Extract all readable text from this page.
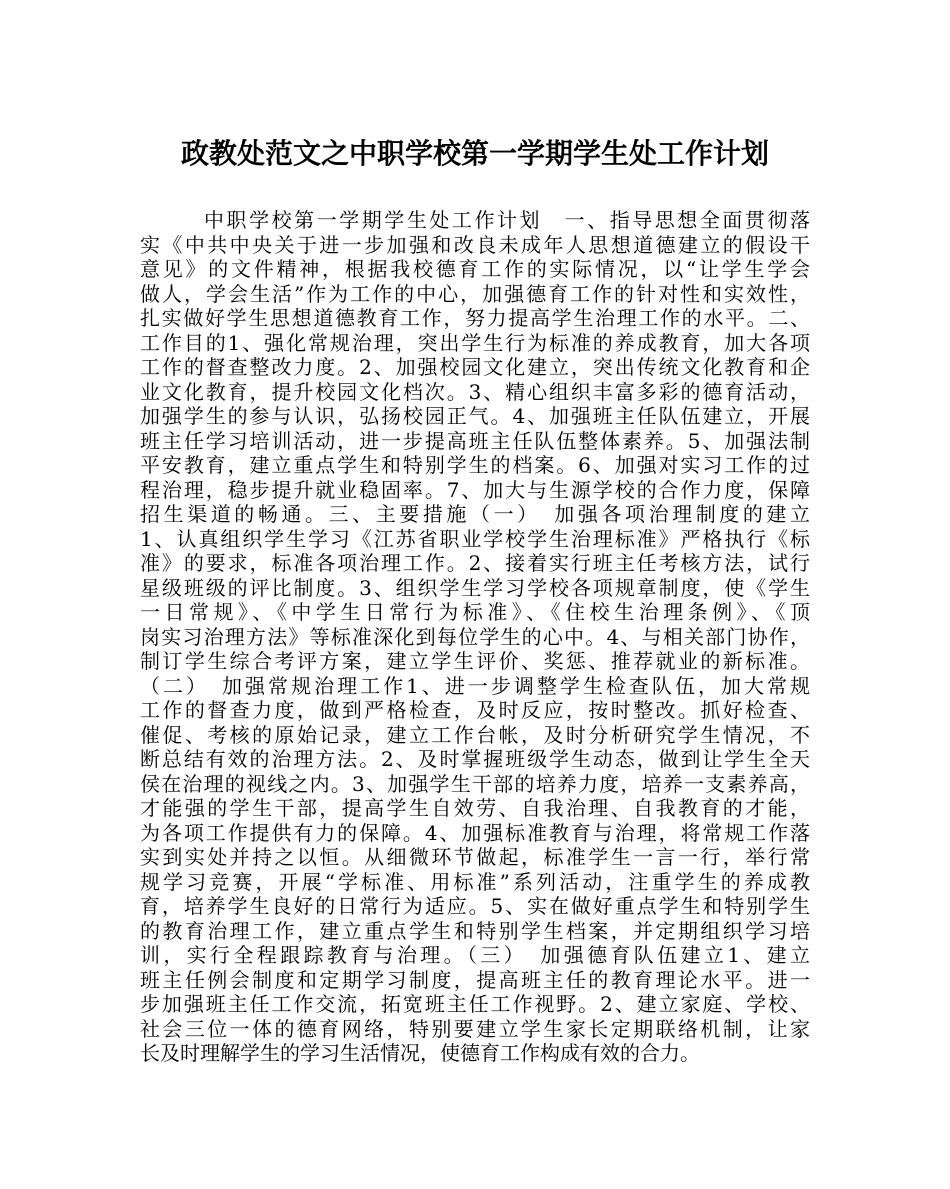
政教处范文之中职学校第一学期学生处工作计划
中职学校第一学期学生处工作计划　一、指导思想全面贯彻落
实《中共中央关于进一步加强和改良未成年人思想道德建立的假设干
意见》的文件精神，根据我校德育工作的实际情况，以“让学生学会
做人，学会生活”作为工作的中心，加强德育工作的针对性和实效性，
扎实做好学生思想道德教育工作，努力提高学生治理工作的水平。二、
工作目的1、强化常规治理，突出学生行为标准的养成教育，加大各项
工作的督查整改力度。2、加强校园文化建立，突出传统文化教育和企
业文化教育，提升校园文化档次。3、精心组织丰富多彩的德育活动，
加强学生的参与认识，弘扬校园正气。4、加强班主任队伍建立，开展
班主任学习培训活动，进一步提高班主任队伍整体素养。5、加强法制
平安教育，建立重点学生和特别学生的档案。6、加强对实习工作的过
程治理，稳步提升就业稳固率。7、加大与生源学校的合作力度，保障
招生渠道的畅通。三、主要措施（一）　加强各项治理制度的建立
1、认真组织学生学习《江苏省职业学校学生治理标准》严格执行《标
准》的要求，标准各项治理工作。2、接着实行班主任考核方法，试行
星级班级的评比制度。3、组织学生学习学校各项规章制度，使《学生
一日常规》、《中学生日常行为标准》、《住校生治理条例》、《顶
岗实习治理方法》等标准深化到每位学生的心中。4、与相关部门协作，
制订学生综合考评方案，建立学生评价、奖惩、推荐就业的新标准。
（二）　加强常规治理工作1、进一步调整学生检查队伍，加大常规
工作的督查力度，做到严格检查，及时反应，按时整改。抓好检查、
催促、考核的原始记录，建立工作台帐，及时分析研究学生情况，不
断总结有效的治理方法。2、及时掌握班级学生动态，做到让学生全天
侯在治理的视线之内。3、加强学生干部的培养力度，培养一支素养高，
才能强的学生干部，提高学生自效劳、自我治理、自我教育的才能，
为各项工作提供有力的保障。4、加强标准教育与治理，将常规工作落
实到实处并持之以恒。从细微环节做起，标准学生一言一行，举行常
规学习竞赛，开展“学标准、用标准”系列活动，注重学生的养成教
育，培养学生良好的日常行为适应。5、实在做好重点学生和特别学生
的教育治理工作，建立重点学生和特别学生档案，并定期组织学习培
训，实行全程跟踪教育与治理。（三）　加强德育队伍建立1、建立
班主任例会制度和定期学习制度，提高班主任的教育理论水平。进一
步加强班主任工作交流，拓宽班主任工作视野。2、建立家庭、学校、
社会三位一体的德育网络，特别要建立学生家长定期联络机制，让家
长及时理解学生的学习生活情况，使德育工作构成有效的合力。
